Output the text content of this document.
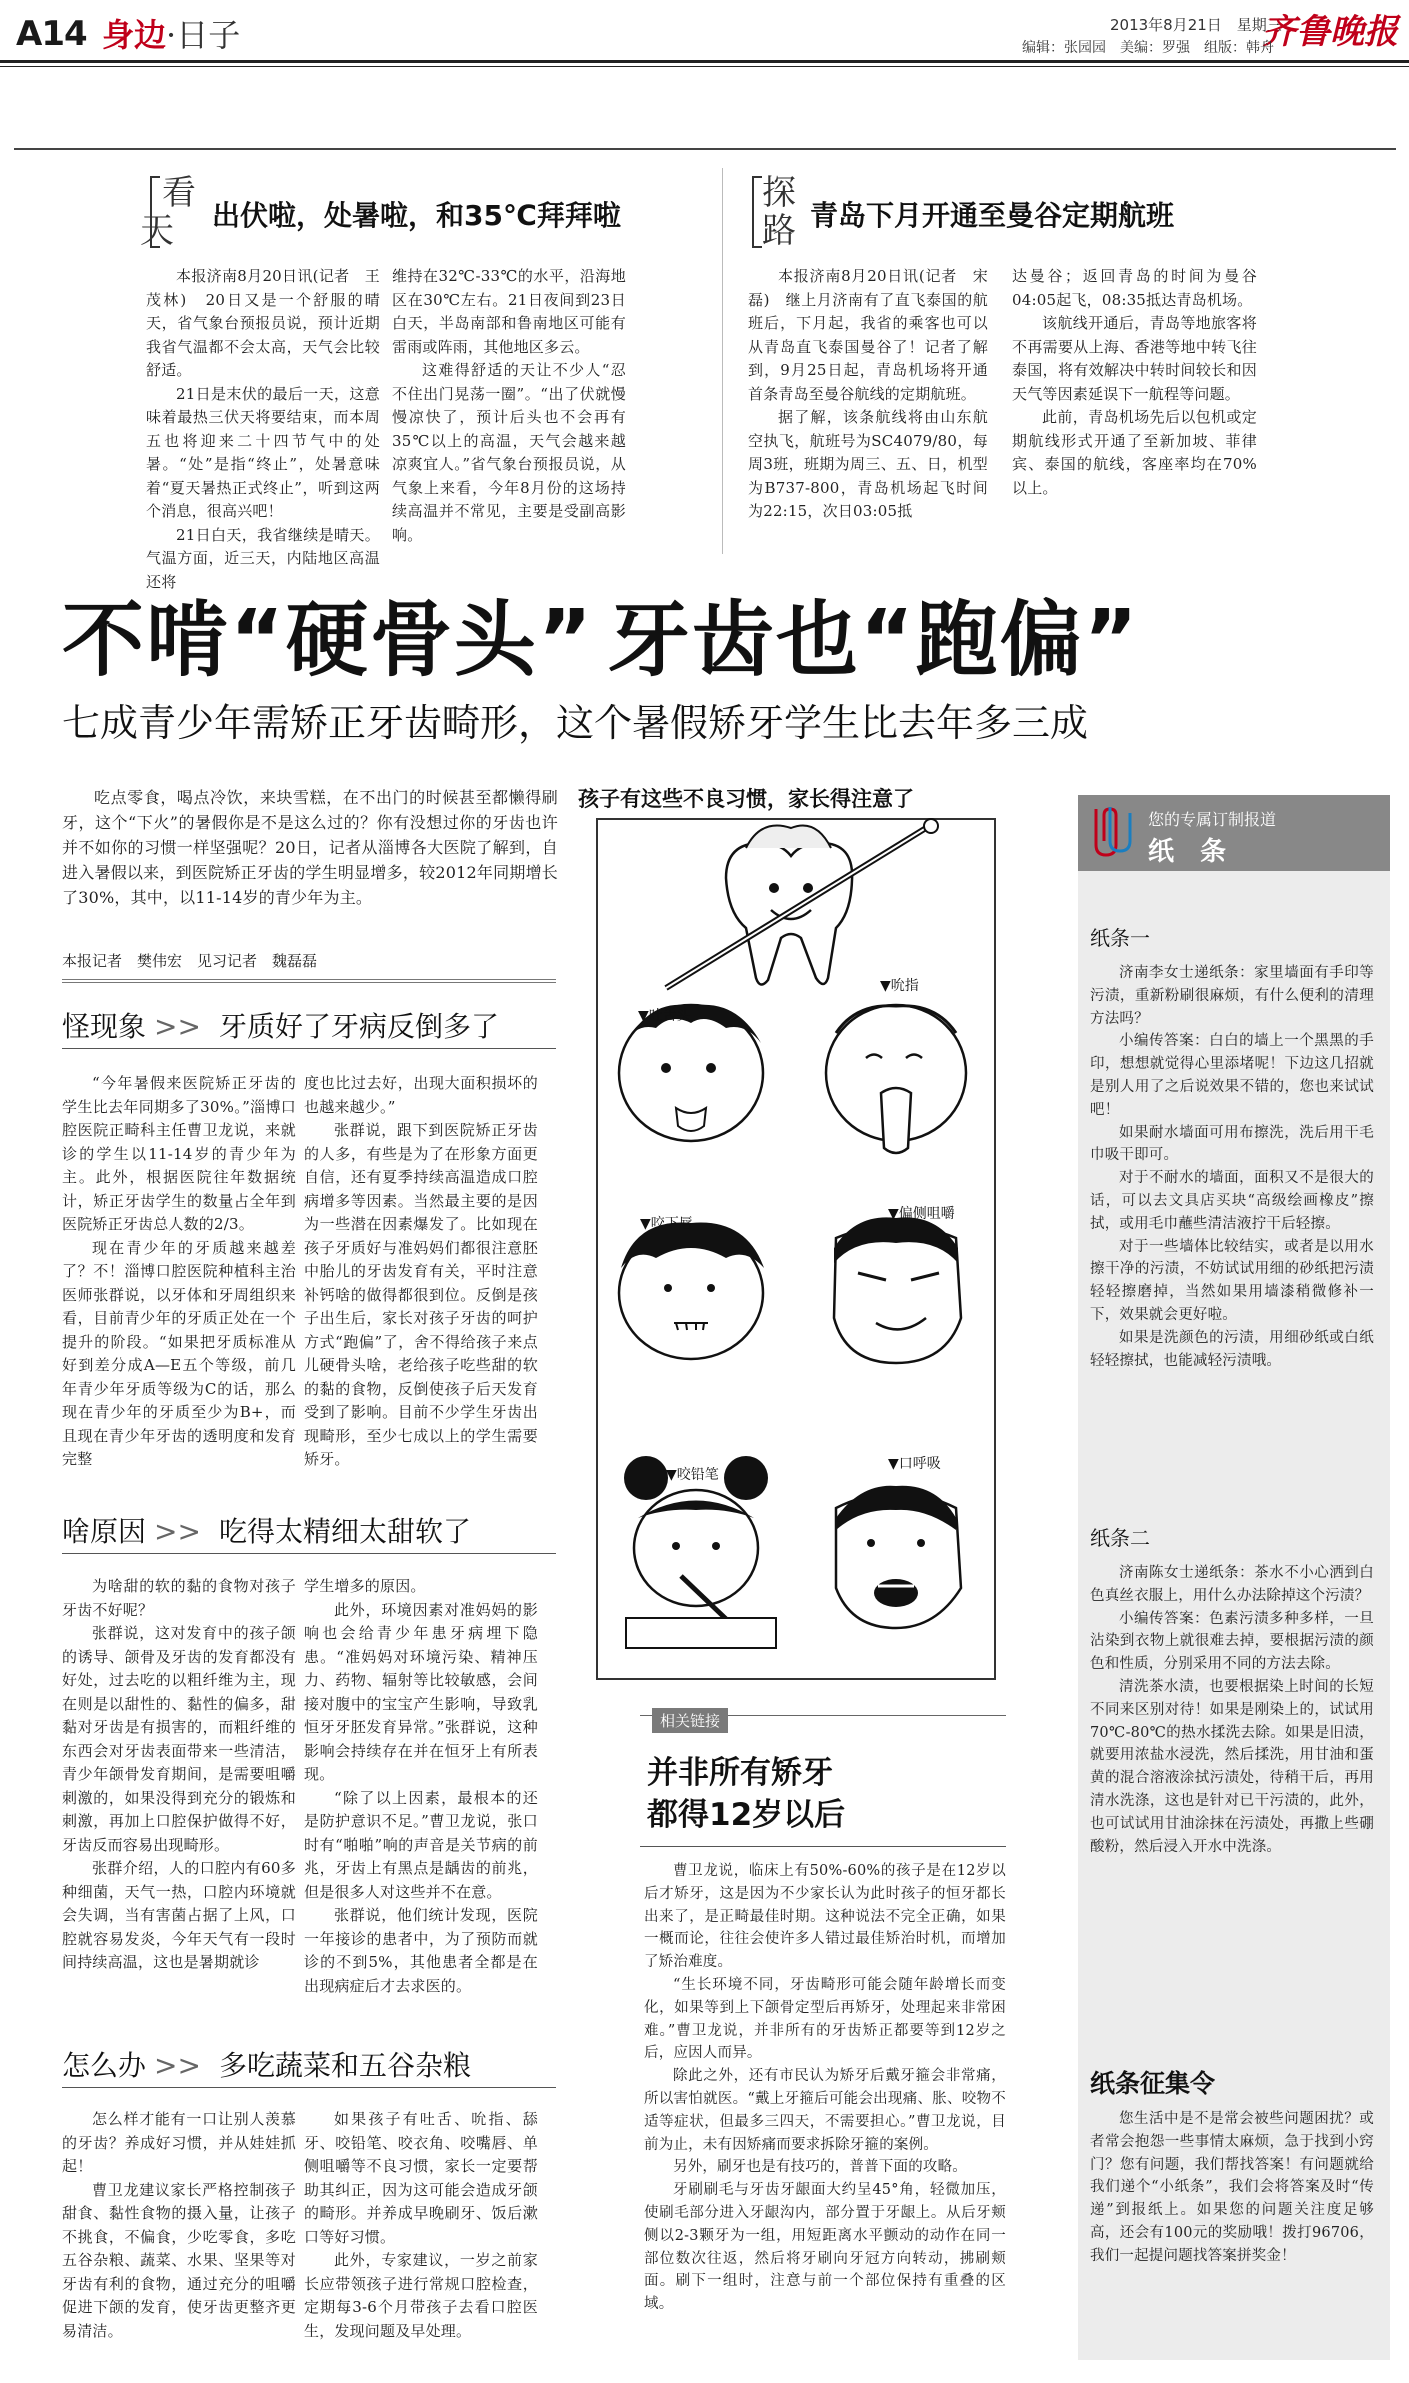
A14 身边·日子	2013年8月21日　星期三
齐鲁晚报
编辑：张园园　美编：罗强　组版：韩舟
看
天 出伏啦，处暑啦，和35℃拜拜啦

本报济南8月20日讯(记者　王茂林)　20日又是一个舒服的晴天，省气象台预报员说，预计近期我省气温都不会太高，天气会比较舒适。

21日是末伏的最后一天，这意味着最热三伏天将要结束，而本周五也将迎来二十四节气中的处暑。“处”是指“终止”，处暑意味着“夏天暑热正式终止”，听到这两个消息，很高兴吧！

21日白天，我省继续是晴天。气温方面，近三天，内陆地区高温还将

维持在32℃-33℃的水平，沿海地区在30℃左右。21日夜间到23日白天，半岛南部和鲁南地区可能有雷雨或阵雨，其他地区多云。

这难得舒适的天让不少人“忍不住出门晃荡一圈”。“出了伏就慢慢凉快了，预计后头也不会再有35℃以上的高温，天气会越来越凉爽宜人。”省气象台预报员说，从气象上来看，今年8月份的这场持续高温并不常见，主要是受副高影响。

探
路 青岛下月开通至曼谷定期航班

本报济南8月20日讯(记者　宋磊)　继上月济南有了直飞泰国的航班后，下月起，我省的乘客也可以从青岛直飞泰国曼谷了！记者了解到，9月25日起，青岛机场将开通首条青岛至曼谷航线的定期航班。

据了解，该条航线将由山东航空执飞，航班号为SC4079/80，每周3班，班期为周三、五、日，机型为B737-800，青岛机场起飞时间为22:15，次日03:05抵

达曼谷；返回青岛的时间为曼谷04:05起飞，08:35抵达青岛机场。

该航线开通后，青岛等地旅客将不再需要从上海、香港等地中转飞往泰国，将有效解决中转时间较长和因天气等因素延误下一航程等问题。

此前，青岛机场先后以包机或定期航线形式开通了至新加坡、菲律宾、泰国的航线，客座率均在70%以上。

不啃“硬骨头” 牙齿也“跑偏”
七成青少年需矫正牙齿畸形，这个暑假矫牙学生比去年多三成

吃点零食，喝点冷饮，来块雪糕，在不出门的时候甚至都懒得刷牙，这个“下火”的暑假你是不是这么过的？你有没想过你的牙齿也许并不如你的习惯一样坚强呢？20日，记者从淄博各大医院了解到，自进入暑假以来，到医院矫正牙齿的学生明显增多，较2012年同期增长了30%，其中，以11-14岁的青少年为主。

本报记者　樊伟宏　见习记者　魏磊磊
怪现象 >> 牙质好了牙病反倒多了

“今年暑假来医院矫正牙齿的学生比去年同期多了30%。”淄博口腔医院正畸科主任曹卫龙说，来就诊的学生以11-14岁的青少年为主。此外，根据医院往年数据统计，矫正牙齿学生的数量占全年到医院矫正牙齿总人数的2/3。

现在青少年的牙质越来越差了？不！淄博口腔医院种植科主治医师张群说，以牙体和牙周组织来看，目前青少年的牙质正处在一个提升的阶段。“如果把牙质标准从好到差分成A—E五个等级，前几年青少年牙质等级为C的话，那么现在青少年的牙质至少为B+，而且现在青少年牙齿的透明度和发育完整

度也比过去好，出现大面积损坏的也越来越少。”

张群说，跟下到医院矫正牙齿的人多，有些是为了在形象方面更自信，还有夏季持续高温造成口腔病增多等因素。当然最主要的是因为一些潜在因素爆发了。比如现在孩子牙质好与准妈妈们都很注意胚中胎儿的牙齿发育有关，平时注意补钙啥的做得都很到位。反倒是孩子出生后，家长对孩子牙齿的呵护方式“跑偏”了，舍不得给孩子来点儿硬骨头啥，老给孩子吃些甜的软的黏的食物，反倒使孩子后天发育受到了影响。目前不少学生牙齿出现畸形，至少七成以上的学生需要矫牙。

啥原因 >> 吃得太精细太甜软了

为啥甜的软的黏的食物对孩子牙齿不好呢？

张群说，这对发育中的孩子颌的诱导、颌骨及牙齿的发育都没有好处，过去吃的以粗纤维为主，现在则是以甜性的、黏性的偏多，甜黏对牙齿是有损害的，而粗纤维的东西会对牙齿表面带来一些清洁，青少年颌骨发育期间，是需要咀嚼刺激的，如果没得到充分的锻炼和刺激，再加上口腔保护做得不好，牙齿反而容易出现畸形。

张群介绍，人的口腔内有60多种细菌，天气一热，口腔内环境就会失调，当有害菌占据了上风，口腔就容易发炎，今年天气有一段时间持续高温，这也是暑期就诊

学生增多的原因。

此外，环境因素对准妈妈的影响也会给青少年患牙病埋下隐患。“准妈妈对环境污染、精神压力、药物、辐射等比较敏感，会间接对腹中的宝宝产生影响，导致乳恒牙牙胚发育异常。”张群说，这种影响会持续存在并在恒牙上有所表现。

“除了以上因素，最根本的还是防护意识不足。”曹卫龙说，张口时有“啪啪”响的声音是关节病的前兆，牙齿上有黑点是龋齿的前兆，但是很多人对这些并不在意。

张群说，他们统计发现，医院一年接诊的患者中，为了预防而就诊的不到5%，其他患者全都是在出现病症后才去求医的。

怎么办 >> 多吃蔬菜和五谷杂粮

怎么样才能有一口让别人羡慕的牙齿？养成好习惯，并从娃娃抓起！

曹卫龙建议家长严格控制孩子甜食、黏性食物的摄入量，让孩子不挑食，不偏食，少吃零食，多吃五谷杂粮、蔬菜、水果、坚果等对牙齿有利的食物，通过充分的咀嚼促进下颌的发育，使牙齿更整齐更易清洁。

如果孩子有吐舌、吮指、舔牙、咬铅笔、咬衣角、咬嘴唇、单侧咀嚼等不良习惯，家长一定要帮助其纠正，因为这可能会造成牙颌的畸形。并养成早晚刷牙、饭后漱口等好习惯。

此外，专家建议，一岁之前家长应带领孩子进行常规口腔检查，定期每3-6个月带孩子去看口腔医生，发现问题及早处理。

孩子有这些不良习惯，家长得注意了
▼吐舌头
▼吮指
▼咬下唇
▼偏侧咀嚼
▼咬铅笔
▼口呼吸
相关链接
并非所有矫牙
都得12岁以后

曹卫龙说，临床上有50%-60%的孩子是在12岁以后才矫牙，这是因为不少家长认为此时孩子的恒牙都长出来了，是正畸最佳时期。这种说法不完全正确，如果一概而论，往往会使许多人错过最佳矫治时机，而增加了矫治难度。

“生长环境不同，牙齿畸形可能会随年龄增长而变化，如果等到上下颌骨定型后再矫牙，处理起来非常困难。”曹卫龙说，并非所有的牙齿矫正都要等到12岁之后，应因人而异。

除此之外，还有市民认为矫牙后戴牙箍会非常痛，所以害怕就医。“戴上牙箍后可能会出现痛、胀、咬物不适等症状，但最多三四天，不需要担心。”曹卫龙说，目前为止，未有因矫痛而要求拆除牙箍的案例。

另外，刷牙也是有技巧的，普普下面的攻略。

牙刷刷毛与牙齿牙龈面大约呈45°角，轻微加压，使刷毛部分进入牙龈沟内，部分置于牙龈上。从后牙颊侧以2-3颗牙为一组，用短距离水平颤动的动作在同一部位数次往返，然后将牙刷向牙冠方向转动，拂刷颊面。刷下一组时，注意与前一个部位保持有重叠的区域。

您的专属订制报道
纸　条
纸条一

济南李女士递纸条：家里墙面有手印等污渍，重新粉刷很麻烦，有什么便利的清理方法吗？

小编传答案：白白的墙上一个黑黑的手印，想想就觉得心里添堵呢！下边这几招就是别人用了之后说效果不错的，您也来试试吧！

如果耐水墙面可用布擦洗，洗后用干毛巾吸干即可。

对于不耐水的墙面，面积又不是很大的话，可以去文具店买块“高级绘画橡皮”擦拭，或用毛巾蘸些清洁液拧干后轻擦。

对于一些墙体比较结实，或者是以用水擦干净的污渍，不妨试试用细的砂纸把污渍轻轻擦磨掉，当然如果用墙漆稍微修补一下，效果就会更好啦。

如果是洗颜色的污渍，用细砂纸或白纸轻轻擦拭，也能减轻污渍哦。

纸条二

济南陈女士递纸条：茶水不小心洒到白色真丝衣服上，用什么办法除掉这个污渍？

小编传答案：色素污渍多种多样，一旦沾染到衣物上就很难去掉，要根据污渍的颜色和性质，分别采用不同的方法去除。

清洗茶水渍，也要根据染上时间的长短不同来区别对待！如果是刚染上的，试试用70℃-80℃的热水揉洗去除。如果是旧渍，就要用浓盐水浸洗，然后揉洗，用甘油和蛋黄的混合溶液涂拭污渍处，待稍干后，再用清水洗涤，这也是针对已干污渍的，此外，也可试试用甘油涂抹在污渍处，再撒上些硼酸粉，然后浸入开水中洗涤。

纸条征集令

您生活中是不是常会被些问题困扰？或者常会抱怨一些事情太麻烦，急于找到小窍门？您有问题，我们帮找答案！有问题就给我们递个“小纸条”，我们会将答案及时“传递”到报纸上。如果您的问题关注度足够高，还会有100元的奖励哦！拨打96706，我们一起提问题找答案拼奖金！
